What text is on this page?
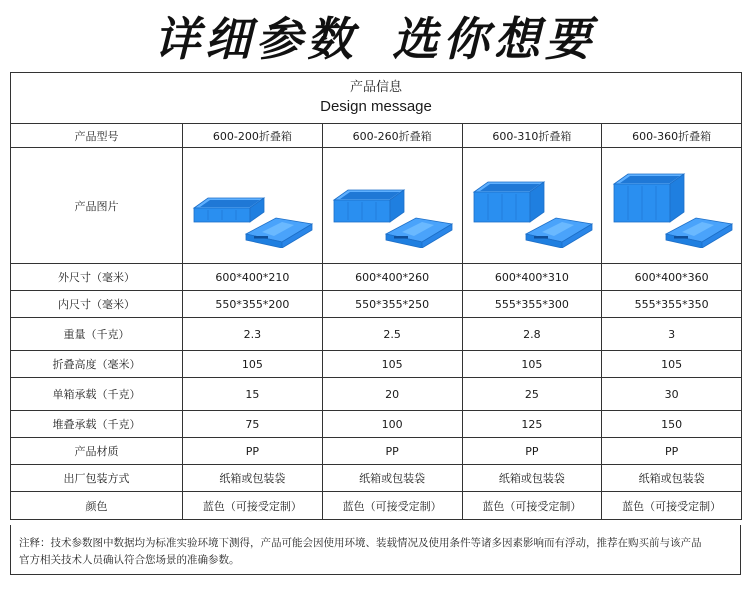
详细参数 选你想要
产品信息
Design message				

产品型号	600-200折叠箱	600-260折叠箱	600-310折叠箱	600-360折叠箱
产品图片	

外尺寸（毫米）	600*400*210	600*400*260	600*400*310	600*400*360
内尺寸（毫米）	550*355*200	550*355*250	555*355*300	555*355*350
重量（千克）	2.3	2.5	2.8	3
折叠高度（毫米）	105	105	105	105
单箱承载（千克）	15	20	25	30
堆叠承载（千克）	75	100	125	150
产品材质	PP	PP	PP	PP
出厂包装方式	纸箱或包装袋	纸箱或包装袋	纸箱或包装袋	纸箱或包装袋
颜色	蓝色（可接受定制）	蓝色（可接受定制）	蓝色（可接受定制）	蓝色（可接受定制）
注释：技术参数图中数据均为标准实验环境下测得，产品可能会因使用环境、装载情况及使用条件等诸多因素影响而有浮动，推荐在购买前与该产品
官方相关技术人员确认符合您场景的准确参数。
